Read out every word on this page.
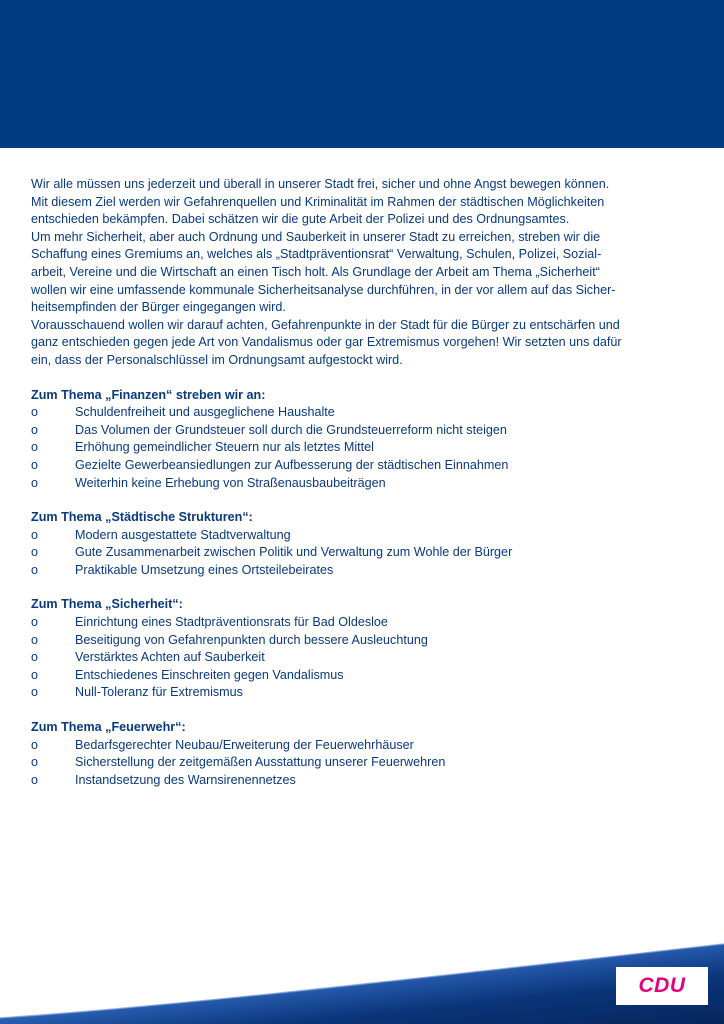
Wir alle müssen uns jederzeit und überall in unserer Stadt frei, sicher und ohne Angst bewegen können.

Mit diesem Ziel werden wir Gefahrenquellen und Kriminalität im Rahmen der städtischen Möglichkeiten

entschieden bekämpfen. Dabei schätzen wir die gute Arbeit der Polizei und des Ordnungsamtes.

Um mehr Sicherheit, aber auch Ordnung und Sauberkeit in unserer Stadt zu erreichen, streben wir die

Schaffung eines Gremiums an, welches als „Stadtpräventionsrat“ Verwaltung, Schulen, Polizei, Sozial-

arbeit, Vereine und die Wirtschaft an einen Tisch holt. Als Grundlage der Arbeit am Thema „Sicherheit“

wollen wir eine umfassende kommunale Sicherheitsanalyse durchführen, in der vor allem auf das Sicher-

heitsempfinden der Bürger eingegangen wird.

Vorausschauend wollen wir darauf achten, Gefahrenpunkte in der Stadt für die Bürger zu entschärfen und

ganz entschieden gegen jede Art von Vandalismus oder gar Extremismus vorgehen! Wir setzten uns dafür

ein, dass der Personalschlüssel im Ordnungsamt aufgestockt wird.

Zum Thema „Finanzen“ streben wir an:

o	Schuldenfreiheit und ausgeglichene Haushalte
o	Das Volumen der Grundsteuer soll durch die Grundsteuerreform nicht steigen
o	Erhöhung gemeindlicher Steuern nur als letztes Mittel
o	Gezielte Gewerbeansiedlungen zur Aufbesserung der städtischen Einnahmen
o	Weiterhin keine Erhebung von Straßenausbaubeiträgen

Zum Thema „Städtische Strukturen“:

o	Modern ausgestattete Stadtverwaltung
o	Gute Zusammenarbeit zwischen Politik und Verwaltung zum Wohle der Bürger
o	Praktikable Umsetzung eines Ortsteilebeirates

Zum Thema „Sicherheit“:

o	Einrichtung eines Stadtpräventionsrats für Bad Oldesloe
o	Beseitigung von Gefahrenpunkten durch bessere Ausleuchtung
o	Verstärktes Achten auf Sauberkeit
o	Entschiedenes Einschreiten gegen Vandalismus
o	Null-Toleranz für Extremismus

Zum Thema „Feuerwehr“:

o	Bedarfsgerechter Neubau/Erweiterung der Feuerwehrhäuser
o	Sicherstellung der zeitgemäßen Ausstattung unserer Feuerwehren
o	Instandsetzung des Warnsirenennetzes
CDU
